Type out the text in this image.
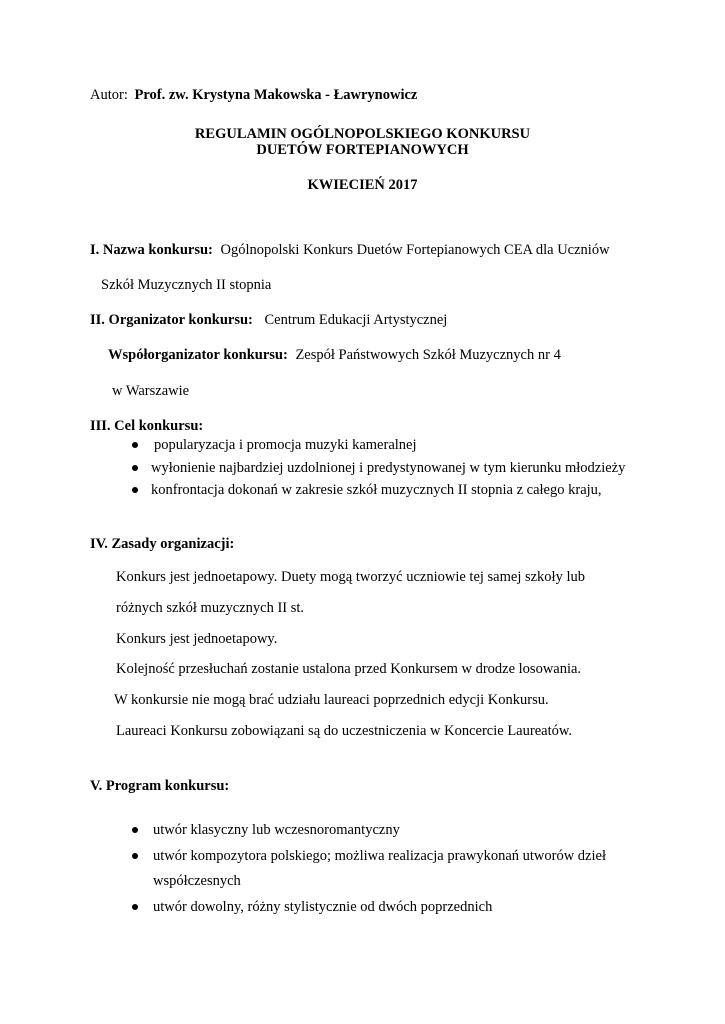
Autor: Prof. zw. Krystyna Makowska - Ławrynowicz
REGULAMIN OGÓLNOPOLSKIEGO KONKURSU
DUETÓW FORTEPIANOWYCH
KWIECIEŃ 2017
I. Nazwa konkursu: Ogólnopolski Konkurs Duetów Fortepianowych CEA dla Uczniów
Szkół Muzycznych II stopnia
II. Organizator konkursu: Centrum Edukacji Artystycznej
Współorganizator konkursu: Zespół Państwowych Szkół Muzycznych nr 4
w Warszawie
III. Cel konkursu:
popularyzacja i promocja muzyki kameralnej
wyłonienie najbardziej uzdolnionej i predystynowanej w tym kierunku młodzieży
konfrontacja dokonań w zakresie szkół muzycznych II stopnia z całego kraju,
IV. Zasady organizacji:
Konkurs jest jednoetapowy. Duety mogą tworzyć uczniowie tej samej szkoły lub
różnych szkół muzycznych II st.
Konkurs jest jednoetapowy.
Kolejność przesłuchań zostanie ustalona przed Konkursem w drodze losowania.
W konkursie nie mogą brać udziału laureaci poprzednich edycji Konkursu.
Laureaci Konkursu zobowiązani są do uczestniczenia w Koncercie Laureatów.
V. Program konkursu:
utwór klasyczny lub wczesnoromantyczny
utwór kompozytora polskiego; możliwa realizacja prawykonań utworów dzieł
współczesnych
utwór dowolny, różny stylistycznie od dwóch poprzednich
